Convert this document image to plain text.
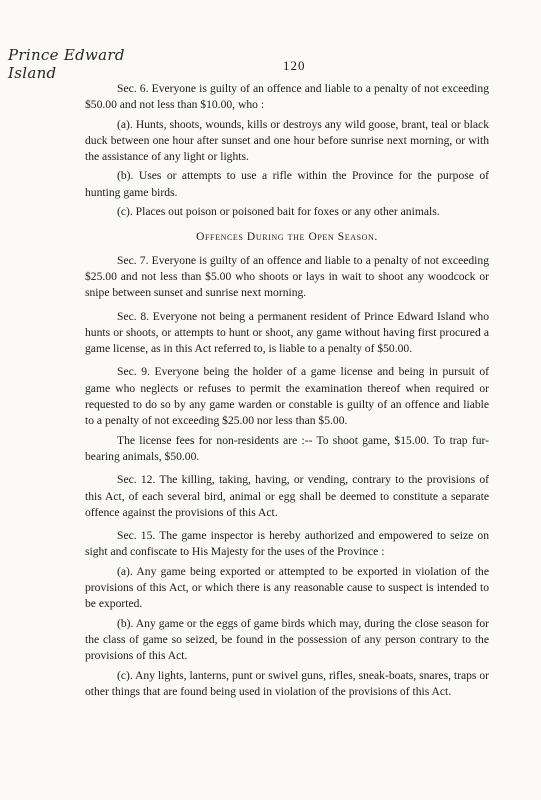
Prince Edward
Island	120

Sec. 6. Everyone is guilty of an offence and liable to a penalty of not exceeding $50.00 and not less than $10.00, who :

(a). Hunts, shoots, wounds, kills or destroys any wild goose, brant, teal or black duck between one hour after sunset and one hour before sunrise next morning, or with the assistance of any light or lights.

(b). Uses or attempts to use a rifle within the Province for the purpose of hunting game birds.

(c). Places out poison or poisoned bait for foxes or any other animals.

Offences During the Open Season.

Sec. 7. Everyone is guilty of an offence and liable to a penalty of not exceeding $25.00 and not less than $5.00 who shoots or lays in wait to shoot any woodcock or snipe between sunset and sunrise next morning.

Sec. 8. Everyone not being a permanent resident of Prince Edward Island who hunts or shoots, or attempts to hunt or shoot, any game without having first procured a game license, as in this Act referred to, is liable to a penalty of $50.00.

Sec. 9. Everyone being the holder of a game license and being in pursuit of game who neglects or refuses to permit the examination thereof when required or requested to do so by any game warden or constable is guilty of an offence and liable to a penalty of not exceeding $25.00 nor less than $5.00.

The license fees for non-residents are :-- To shoot game, $15.00. To trap fur-bearing animals, $50.00.

Sec. 12. The killing, taking, having, or vending, contrary to the provisions of this Act, of each several bird, animal or egg shall be deemed to constitute a separate offence against the provisions of this Act.

Sec. 15. The game inspector is hereby authorized and empowered to seize on sight and confiscate to His Majesty for the uses of the Province :

(a). Any game being exported or attempted to be exported in violation of the provisions of this Act, or which there is any reasonable cause to suspect is intended to be exported.

(b). Any game or the eggs of game birds which may, during the close season for the class of game so seized, be found in the possession of any person contrary to the provisions of this Act.

(c). Any lights, lanterns, punt or swivel guns, rifles, sneak-boats, snares, traps or other things that are found being used in violation of the provisions of this Act.
